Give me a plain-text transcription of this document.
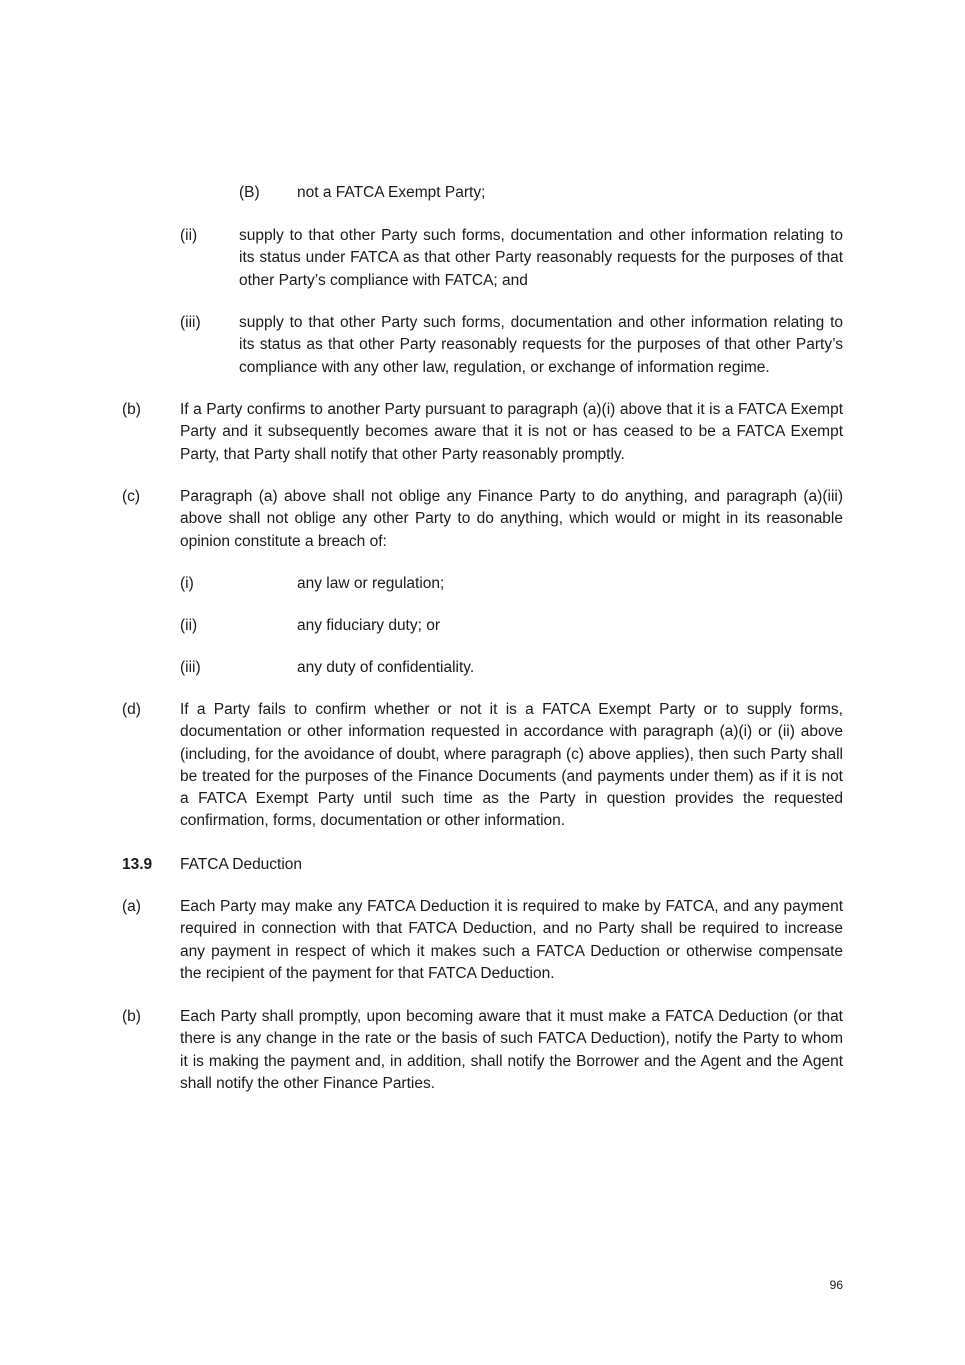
(B) not a FATCA Exempt Party;
(ii)	supply to that other Party such forms, documentation and other information relating to its status under FATCA as that other Party reasonably requests for the purposes of that other Party’s compliance with FATCA; and
(iii) supply to that other Party such forms, documentation and other information relating to its status as that other Party reasonably requests for the purposes of that other Party’s compliance with any other law, regulation, or exchange of information regime.
(b)	If a Party confirms to another Party pursuant to paragraph (a)(i) above that it is a FATCA Exempt Party and it subsequently becomes aware that it is not or has ceased to be a FATCA Exempt Party, that Party shall notify that other Party reasonably promptly.
(c)	Paragraph (a) above shall not oblige any Finance Party to do anything, and paragraph (a)(iii) above shall not oblige any other Party to do anything, which would or might in its reasonable opinion constitute a breach of:
(i)	any law or regulation;
(ii)	any fiduciary duty; or
(iii)	any duty of confidentiality.
(d)	If a Party fails to confirm whether or not it is a FATCA Exempt Party or to supply forms, documentation or other information requested in accordance with paragraph (a)(i) or (ii) above (including, for the avoidance of doubt, where paragraph (c) above applies), then such Party shall be treated for the purposes of the Finance Documents (and payments under them) as if it is not a FATCA Exempt Party until such time as the Party in question provides the requested confirmation, forms, documentation or other information.
13.9 FATCA Deduction
(a)	Each Party may make any FATCA Deduction it is required to make by FATCA, and any payment required in connection with that FATCA Deduction, and no Party shall be required to increase any payment in respect of which it makes such a FATCA Deduction or otherwise compensate the recipient of the payment for that FATCA Deduction.
(b)	Each Party shall promptly, upon becoming aware that it must make a FATCA Deduction (or that there is any change in the rate or the basis of such FATCA Deduction), notify the Party to whom it is making the payment and, in addition, shall notify the Borrower and the Agent and the Agent shall notify the other Finance Parties.
96
